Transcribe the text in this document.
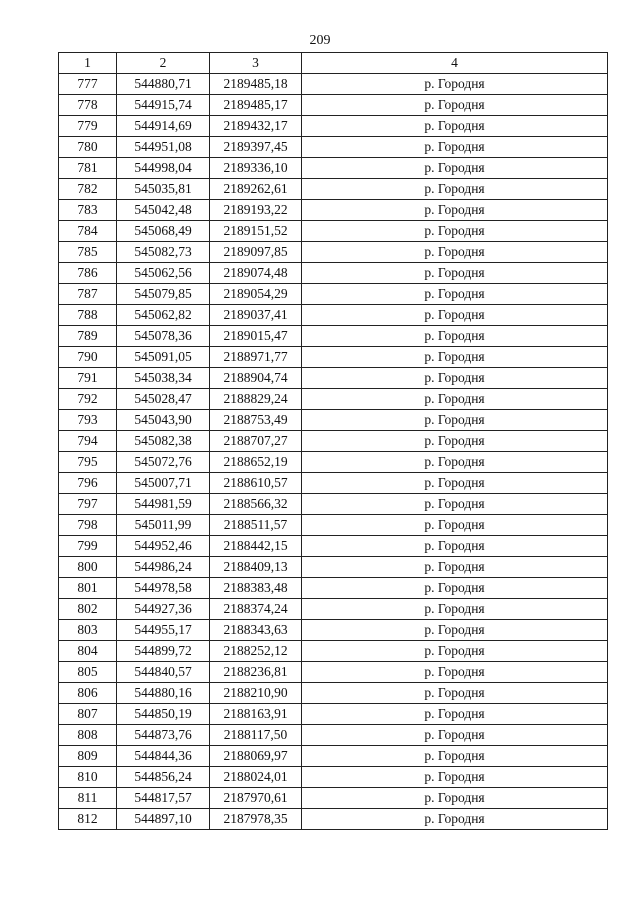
209
1	2	3	4
777	544880,71	2189485,18	р. Городня
778	544915,74	2189485,17	р. Городня
779	544914,69	2189432,17	р. Городня
780	544951,08	2189397,45	р. Городня
781	544998,04	2189336,10	р. Городня
782	545035,81	2189262,61	р. Городня
783	545042,48	2189193,22	р. Городня
784	545068,49	2189151,52	р. Городня
785	545082,73	2189097,85	р. Городня
786	545062,56	2189074,48	р. Городня
787	545079,85	2189054,29	р. Городня
788	545062,82	2189037,41	р. Городня
789	545078,36	2189015,47	р. Городня
790	545091,05	2188971,77	р. Городня
791	545038,34	2188904,74	р. Городня
792	545028,47	2188829,24	р. Городня
793	545043,90	2188753,49	р. Городня
794	545082,38	2188707,27	р. Городня
795	545072,76	2188652,19	р. Городня
796	545007,71	2188610,57	р. Городня
797	544981,59	2188566,32	р. Городня
798	545011,99	2188511,57	р. Городня
799	544952,46	2188442,15	р. Городня
800	544986,24	2188409,13	р. Городня
801	544978,58	2188383,48	р. Городня
802	544927,36	2188374,24	р. Городня
803	544955,17	2188343,63	р. Городня
804	544899,72	2188252,12	р. Городня
805	544840,57	2188236,81	р. Городня
806	544880,16	2188210,90	р. Городня
807	544850,19	2188163,91	р. Городня
808	544873,76	2188117,50	р. Городня
809	544844,36	2188069,97	р. Городня
810	544856,24	2188024,01	р. Городня
811	544817,57	2187970,61	р. Городня
812	544897,10	2187978,35	р. Городня
